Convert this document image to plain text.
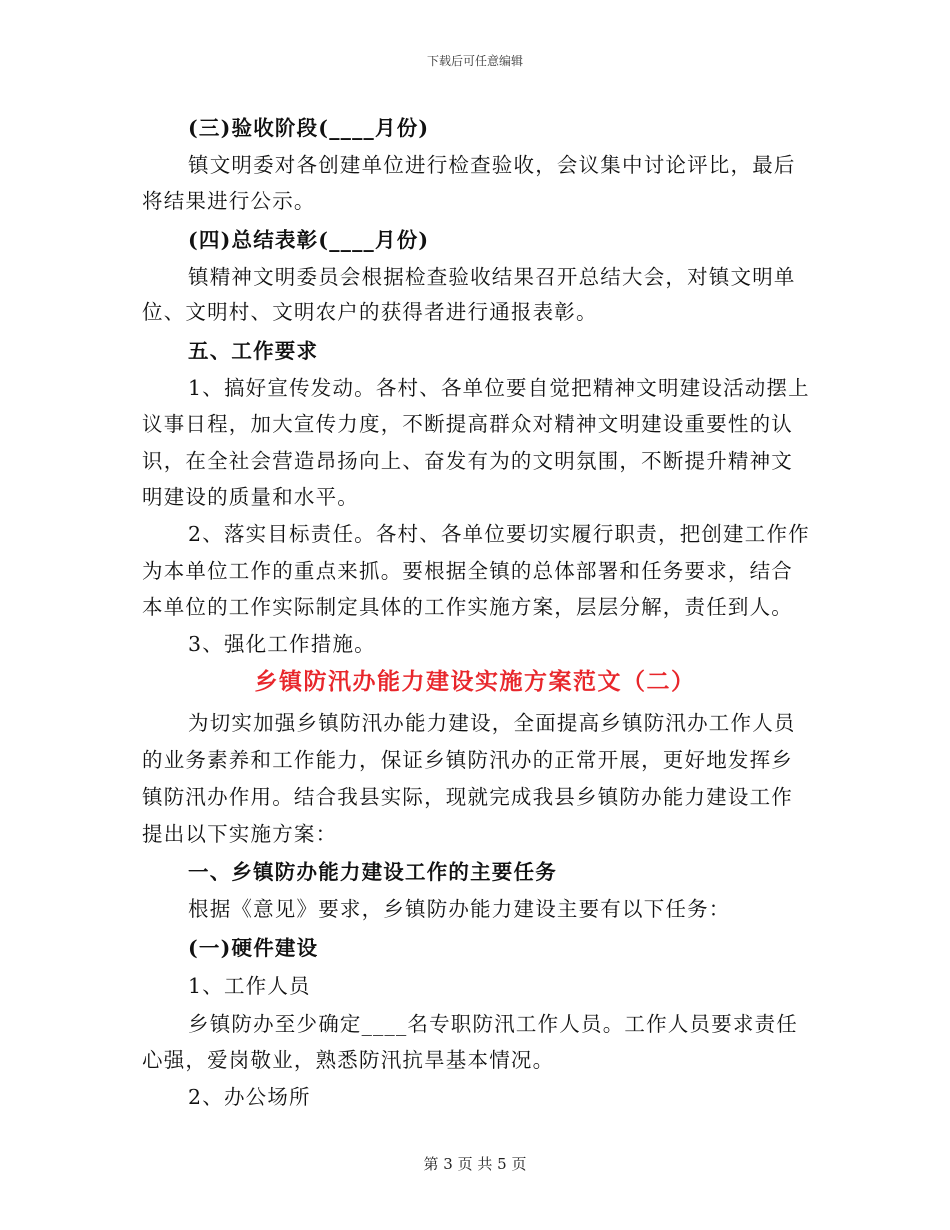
下载后可任意编辑
(三)验收阶段(____月份)
镇文明委对各创建单位进行检查验收，会议集中讨论评比，最后
将结果进行公示。
(四)总结表彰(____月份)
镇精神文明委员会根据检查验收结果召开总结大会，对镇文明单
位、文明村、文明农户的获得者进行通报表彰。
五、工作要求
1、搞好宣传发动。各村、各单位要自觉把精神文明建设活动摆上
议事日程，加大宣传力度，不断提高群众对精神文明建设重要性的认
识，在全社会营造昂扬向上、奋发有为的文明氛围，不断提升精神文
明建设的质量和水平。
2、落实目标责任。各村、各单位要切实履行职责，把创建工作作
为本单位工作的重点来抓。要根据全镇的总体部署和任务要求，结合
本单位的工作实际制定具体的工作实施方案，层层分解，责任到人。
3、强化工作措施。
乡镇防汛办能力建设实施方案范文（二）
为切实加强乡镇防汛办能力建设，全面提高乡镇防汛办工作人员
的业务素养和工作能力，保证乡镇防汛办的正常开展，更好地发挥乡
镇防汛办作用。结合我县实际，现就完成我县乡镇防办能力建设工作
提出以下实施方案：
一、乡镇防办能力建设工作的主要任务
根据《意见》要求，乡镇防办能力建设主要有以下任务：
(一)硬件建设
1、工作人员
乡镇防办至少确定____名专职防汛工作人员。工作人员要求责任
心强，爱岗敬业，熟悉防汛抗旱基本情况。
2、办公场所
第 3 页 共 5 页
